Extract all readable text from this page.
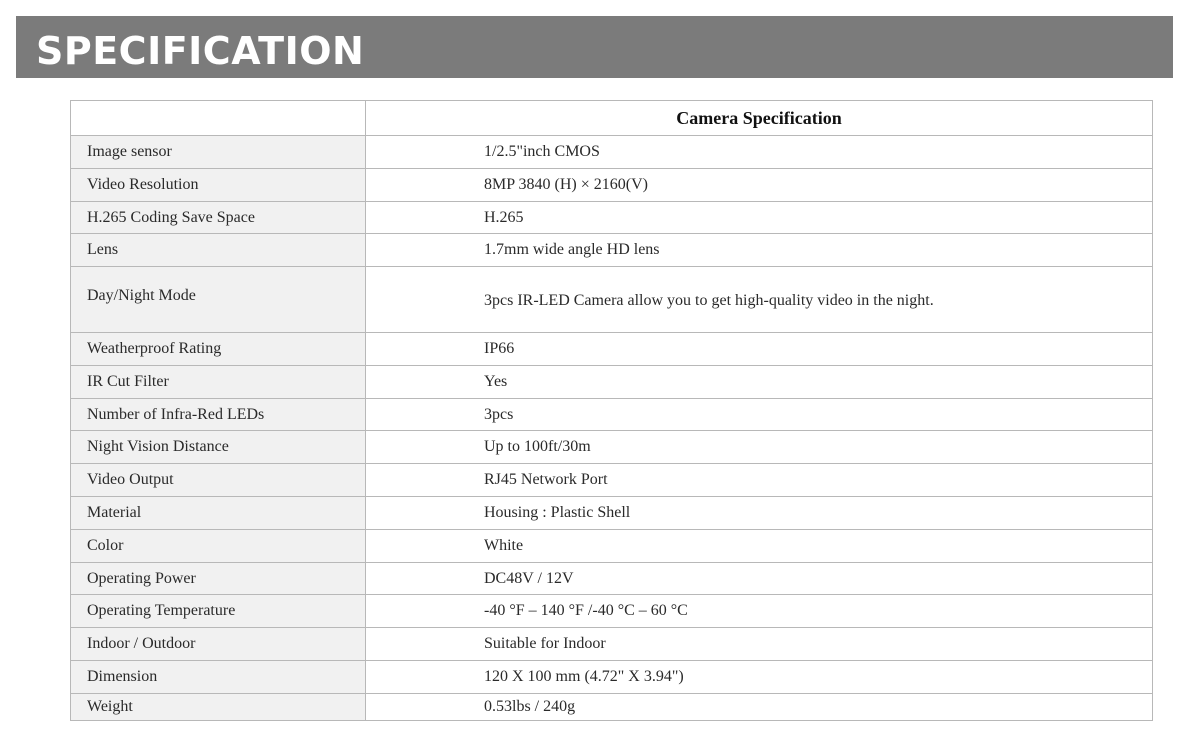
SPECIFICATION
	Camera Specification
Image sensor	1/2.5"inch CMOS
Video Resolution	8MP 3840 (H) × 2160(V)
H.265 Coding Save Space	H.265
Lens	1.7mm wide angle HD lens
Day/Night Mode	3pcs IR-LED Camera allow you to get high-quality video in the night.
Weatherproof Rating	IP66
IR Cut Filter	Yes
Number of Infra-Red LEDs	3pcs
Night Vision Distance	Up to 100ft/30m
Video Output	RJ45 Network Port
Material	Housing : Plastic Shell
Color	White
Operating Power	DC48V / 12V
Operating Temperature	-40 °F – 140 °F /-40 °C – 60 °C
Indoor / Outdoor	Suitable for Indoor
Dimension	120 X 100 mm (4.72" X 3.94")
Weight	0.53lbs / 240g
